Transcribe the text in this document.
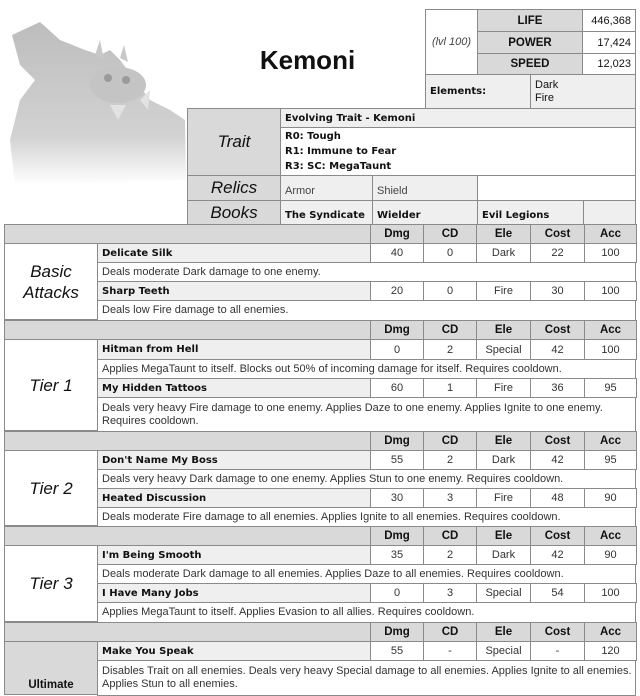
Kemoni
(lvl 100)
LIFE	446,368
POWER	17,424
SPEED	12,023
Elements:
Dark
Fire
Trait
Evolving Trait - Kemoni
R0: Tough
R1: Immune to Fear
R3: SC: MegaTaunt
Relics	Armor	Shield
Books	The Syndicate	Wielder	Evil Legions
Dmg	CD	Ele	Cost	Acc
Basic
Attacks
Delicate Silk	40	0	Dark	22	100
Deals moderate Dark damage to one enemy.
Sharp Teeth	20	0	Fire	30	100
Deals low Fire damage to all enemies.
Dmg	CD	Ele	Cost	Acc
Tier 1
Hitman from Hell	0	2	Special	42	100
Applies MegaTaunt to itself. Blocks out 50% of incoming damage for itself. Requires cooldown.
My Hidden Tattoos	60	1	Fire	36	95
Deals very heavy Fire damage to one enemy. Applies Daze to one enemy. Applies Ignite to one enemy. Requires cooldown.
Dmg	CD	Ele	Cost	Acc
Tier 2
Don't Name My Boss	55	2	Dark	42	95
Deals very heavy Dark damage to one enemy. Applies Stun to one enemy. Requires cooldown.
Heated Discussion	30	3	Fire	48	90
Deals moderate Fire damage to all enemies. Applies Ignite to all enemies. Requires cooldown.
Dmg	CD	Ele	Cost	Acc
Tier 3
I'm Being Smooth	35	2	Dark	42	90
Deals moderate Dark damage to all enemies. Applies Daze to all enemies. Requires cooldown.
I Have Many Jobs	0	3	Special	54	100
Applies MegaTaunt to itself. Applies Evasion to all allies. Requires cooldown.
Dmg	CD	Ele	Cost	Acc
Ultimate
Make You Speak	55	-	Special	-	120
Disables Trait on all enemies. Deals very heavy Special damage to all enemies. Applies Ignite to all enemies. Applies Stun to all enemies.
